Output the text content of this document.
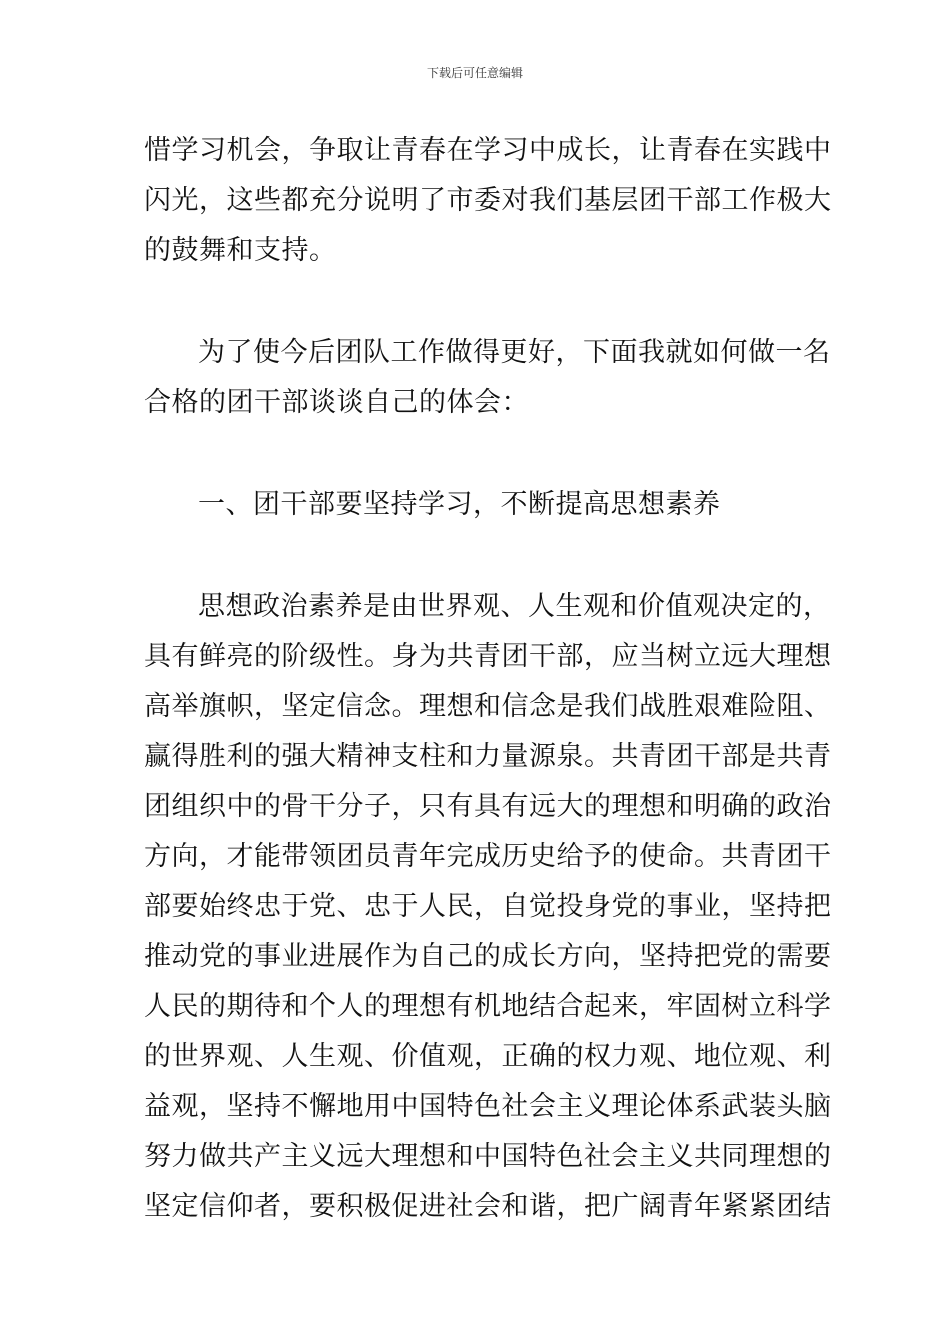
下载后可任意编辑
惜学习机会，争取让青春在学习中成长，让青春在实践中
闪光，这些都充分说明了市委对我们基层团干部工作极大
的鼓舞和支持。
为了使今后团队工作做得更好，下面我就如何做一名
合格的团干部谈谈自己的体会：
一、团干部要坚持学习，不断提高思想素养
思想政治素养是由世界观、人生观和价值观决定的，
具有鲜亮的阶级性。身为共青团干部，应当树立远大理想
高举旗帜，坚定信念。理想和信念是我们战胜艰难险阻、
赢得胜利的强大精神支柱和力量源泉。共青团干部是共青
团组织中的骨干分子，只有具有远大的理想和明确的政治
方向，才能带领团员青年完成历史给予的使命。共青团干
部要始终忠于党、忠于人民，自觉投身党的事业，坚持把
推动党的事业进展作为自己的成长方向，坚持把党的需要
人民的期待和个人的理想有机地结合起来，牢固树立科学
的世界观、人生观、价值观，正确的权力观、地位观、利
益观，坚持不懈地用中国特色社会主义理论体系武装头脑
努力做共产主义远大理想和中国特色社会主义共同理想的
坚定信仰者，要积极促进社会和谐，把广阔青年紧紧团结
